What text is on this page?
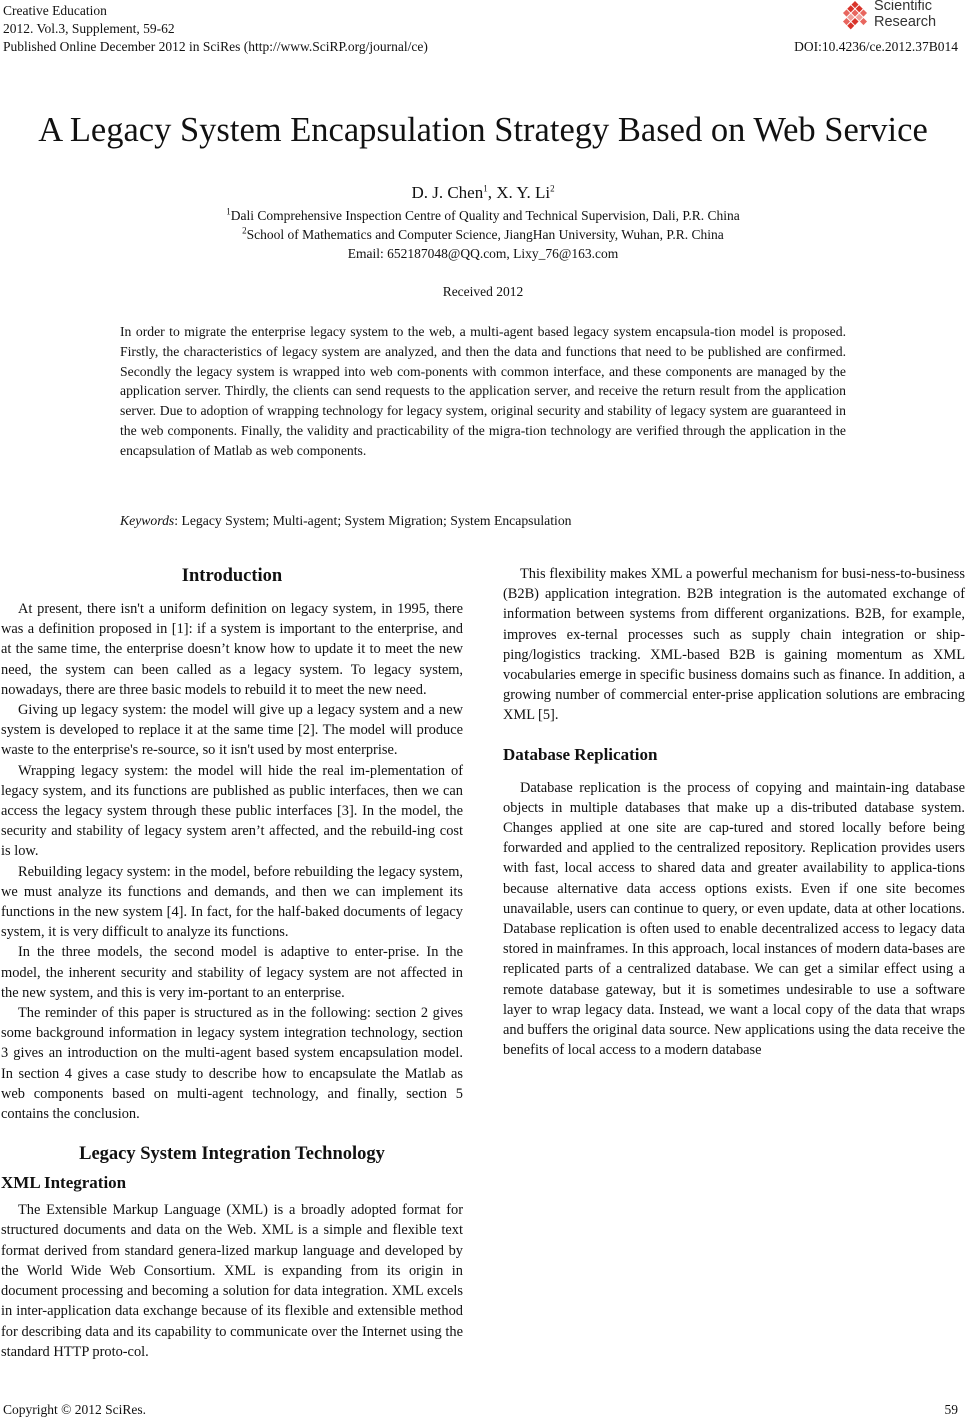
Creative Education
2012. Vol.3, Supplement, 59-62
Published Online December 2012 in SciRes (http://www.SciRP.org/journal/ce)
Scientific
Research
DOI:10.4236/ce.2012.37B014
A Legacy System Encapsulation Strategy Based on Web Service
D. J. Chen$^1$, X. Y. Li$^2$
$^1$Dali Comprehensive Inspection Centre of Quality and Technical Supervision, Dali, P.R. China
$^2$School of Mathematics and Computer Science, JiangHan University, Wuhan, P.R. China
Email: 652187048@QQ.com, Lixy_76@163.com
Received 2012
In order to migrate the enterprise legacy system to the web, a multi-agent based legacy system encapsula-tion model is proposed. Firstly, the characteristics of legacy system are analyzed, and then the data and functions that need to be published are confirmed. Secondly the legacy system is wrapped into web com-ponents with common interface, and these components are managed by the application server. Thirdly, the clients can send requests to the application server, and receive the return result from the application server. Due to adoption of wrapping technology for legacy system, original security and stability of legacy system are guaranteed in the web components. Finally, the validity and practicability of the migra-tion technology are verified through the application in the encapsulation of Matlab as web components.
Keywords: Legacy System; Multi-agent; System Migration; System Encapsulation
Introduction

At present, there isn't a uniform definition on legacy system, in 1995, there was a definition proposed in [1]: if a system is important to the enterprise, and at the same time, the enterprise doesn’t know how to update it to meet the new need, the system can been called as a legacy system. To legacy system, nowadays, there are three basic models to rebuild it to meet the new need.

Giving up legacy system: the model will give up a legacy system and a new system is developed to replace it at the same time [2]. The model will produce waste to the enterprise's re-source, so it isn't used by most enterprise.

Wrapping legacy system: the model will hide the real im-plementation of legacy system, and its functions are published as public interfaces, then we can access the legacy system through these public interfaces [3]. In the model, the security and stability of legacy system aren’t affected, and the rebuild-ing cost is low.

Rebuilding legacy system: in the model, before rebuilding the legacy system, we must analyze its functions and demands, and then we can implement its functions in the new system [4]. In fact, for the half-baked documents of legacy system, it is very difficult to analyze its functions.

In the three models, the second model is adaptive to enter-prise. In the model, the inherent security and stability of legacy system are not affected in the new system, and this is very im-portant to an enterprise.

The reminder of this paper is structured as in the following: section 2 gives some background information in legacy system integration technology, section 3 gives an introduction on the multi-agent based system encapsulation model. In section 4 gives a case study to describe how to encapsulate the Matlab as web components based on multi-agent technology, and finally, section 5 contains the conclusion.

Legacy System Integration Technology
XML Integration

The Extensible Markup Language (XML) is a broadly adopted format for structured documents and data on the Web. XML is a simple and flexible text format derived from standard genera-lized markup language and developed by the World Wide Web Consortium. XML is expanding from its origin in document processing and becoming a solution for data integration. XML excels in inter-application data exchange because of its flexible and extensible method for describing data and its capability to communicate over the Internet using the standard HTTP proto-col.

This flexibility makes XML a powerful mechanism for busi-ness-to-business (B2B) application integration. B2B integration is the automated exchange of information between systems from different organizations. B2B, for example, improves ex-ternal processes such as supply chain integration or ship-ping/logistics tracking. XML-based B2B is gaining momentum as XML vocabularies emerge in specific business domains such as finance. In addition, a growing number of commercial enter-prise application solutions are embracing XML [5].

Database Replication

Database replication is the process of copying and maintain-ing database objects in multiple databases that make up a dis-tributed database system. Changes applied at one site are cap-tured and stored locally before being forwarded and applied to the centralized repository. Replication provides users with fast, local access to shared data and greater availability to applica-tions because alternative data access options exists. Even if one site becomes unavailable, users can continue to query, or even update, data at other locations. Database replication is often used to enable decentralized access to legacy data stored in mainframes. In this approach, local instances of modern data-bases are replicated parts of a centralized database. We can get a similar effect using a remote database gateway, but it is sometimes undesirable to use a software layer to wrap legacy data. Instead, we want a local copy of the data that wraps and buffers the original data source. New applications using the data receive the benefits of local access to a modern database

Copyright © 2012 SciRes.	59
